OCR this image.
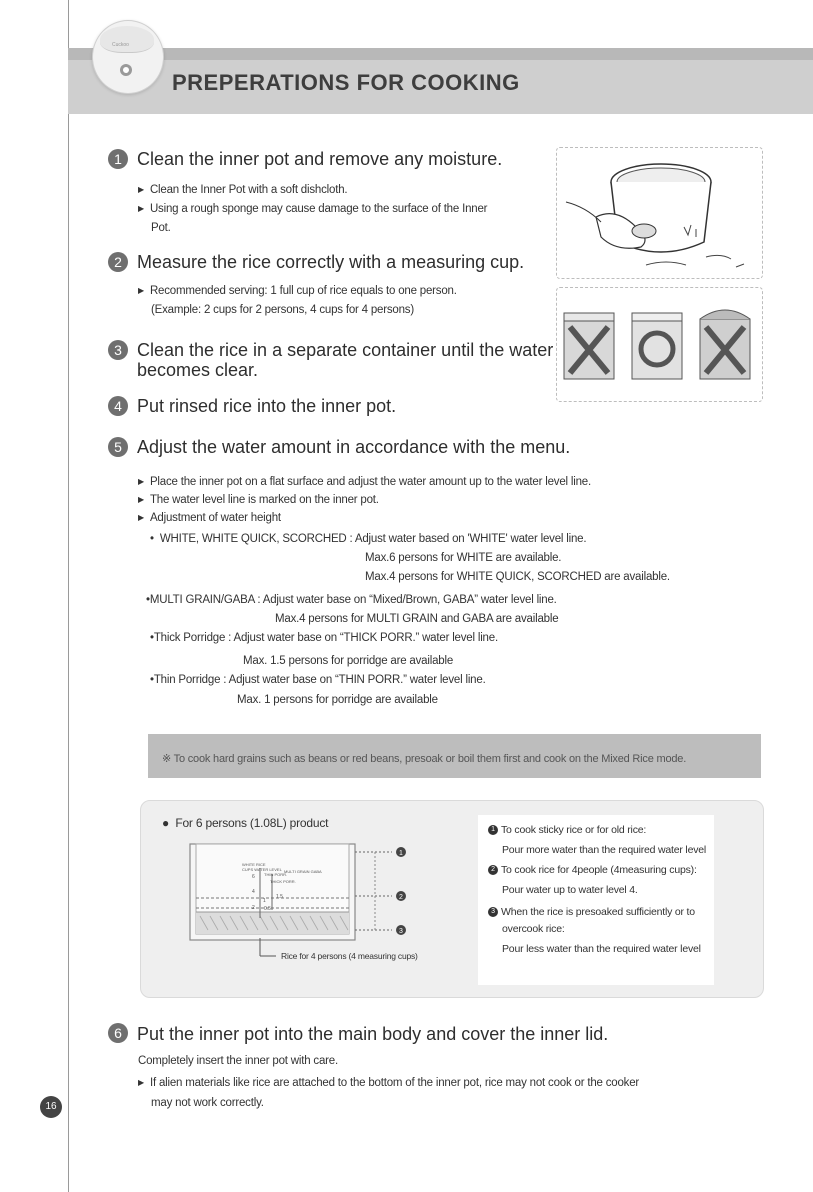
Cuckoo
PREPERATIONS FOR COOKING
1 Clean the inner pot and remove any moisture.
▶ Clean the Inner Pot with a soft dishcloth.
▶ Using a rough sponge may cause damage to the surface of the Inner
Pot.
2 Measure the rice correctly with a measuring cup.
▶ Recommended serving: 1 full cup of rice equals to one person.
(Example: 2 cups for 2 persons, 4 cups for 4 persons)
3 Clean the rice in a separate container until the water
becomes clear.
4 Put rinsed rice into the inner pot.
5 Adjust the water amount in accordance with the menu.
▶ Place the inner pot on a flat surface and adjust the water amount up to the water level line.
▶ The water level line is marked on the inner pot.
▶ Adjustment of water height
•  WHITE, WHITE QUICK, SCORCHED : Adjust water based on 'WHITE' water level line.
Max.6 persons for WHITE are available.
Max.4 persons for WHITE QUICK, SCORCHED are available.
•MULTI GRAIN/GABA : Adjust water base on “Mixed/Brown, GABA” water level line.
Max.4 persons for MULTI GRAIN and GABA are available
•Thick Porridge : Adjust water base on “THICK PORR.” water level line.
Max. 1.5 persons for porridge are available
•Thin Porridge : Adjust water base on “THIN PORR.” water level line.
Max. 1 persons for porridge are available
※ To cook hard grains such as beans or red beans, presoak or boil them first and cook on the Mixed Rice mode.
●  For 6 persons (1.08L) product
1
2
3
WHITE RICE
CUPS WATER LEVEL
THIN PORR.
THICK PORR.
MULTI GRAIN GABA
6
4
2
1
1.5
0.5
Rice for 4 persons (4 measuring cups)
1 To cook sticky rice or for old rice:
Pour more water than the required water level
2 To cook rice for 4people (4measuring cups):
Pour water up to water level 4.
3 When the rice is presoaked sufficiently or to
overcook rice:
Pour less water than the required water level
6 Put the inner pot into the main body and cover the inner lid.
Completely insert the inner pot with care.
▶ If alien materials like rice are attached to the bottom of the inner pot, rice may not cook or the cooker
may not work correctly.
16
